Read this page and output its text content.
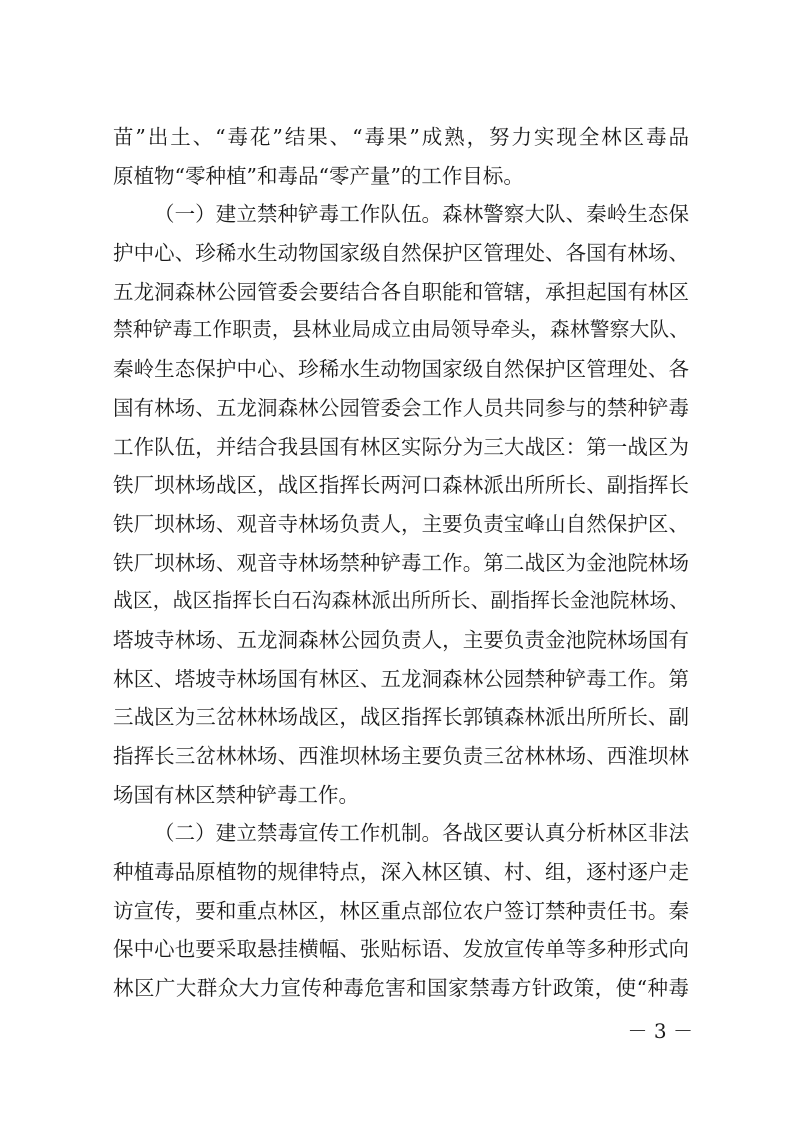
苗”出土、“毒花”结果、“毒果”成熟，努力实现全林区毒品
原植物“零种植”和毒品“零产量”的工作目标。
（一）建立禁种铲毒工作队伍。森林警察大队、秦岭生态保
护中心、珍稀水生动物国家级自然保护区管理处、各国有林场、
五龙洞森林公园管委会要结合各自职能和管辖，承担起国有林区
禁种铲毒工作职责，县林业局成立由局领导牵头，森林警察大队、
秦岭生态保护中心、珍稀水生动物国家级自然保护区管理处、各
国有林场、五龙洞森林公园管委会工作人员共同参与的禁种铲毒
工作队伍，并结合我县国有林区实际分为三大战区：第一战区为
铁厂坝林场战区，战区指挥长两河口森林派出所所长、副指挥长
铁厂坝林场、观音寺林场负责人，主要负责宝峰山自然保护区、
铁厂坝林场、观音寺林场禁种铲毒工作。第二战区为金池院林场
战区，战区指挥长白石沟森林派出所所长、副指挥长金池院林场、
塔坡寺林场、五龙洞森林公园负责人，主要负责金池院林场国有
林区、塔坡寺林场国有林区、五龙洞森林公园禁种铲毒工作。第
三战区为三岔林林场战区，战区指挥长郭镇森林派出所所长、副
指挥长三岔林林场、西淮坝林场主要负责三岔林林场、西淮坝林
场国有林区禁种铲毒工作。
（二）建立禁毒宣传工作机制。各战区要认真分析林区非法
种植毒品原植物的规律特点，深入林区镇、村、组，逐村逐户走
访宣传，要和重点林区，林区重点部位农户签订禁种责任书。秦
保中心也要采取悬挂横幅、张贴标语、发放宣传单等多种形式向
林区广大群众大力宣传种毒危害和国家禁毒方针政策，使“种毒
－ 3 －
